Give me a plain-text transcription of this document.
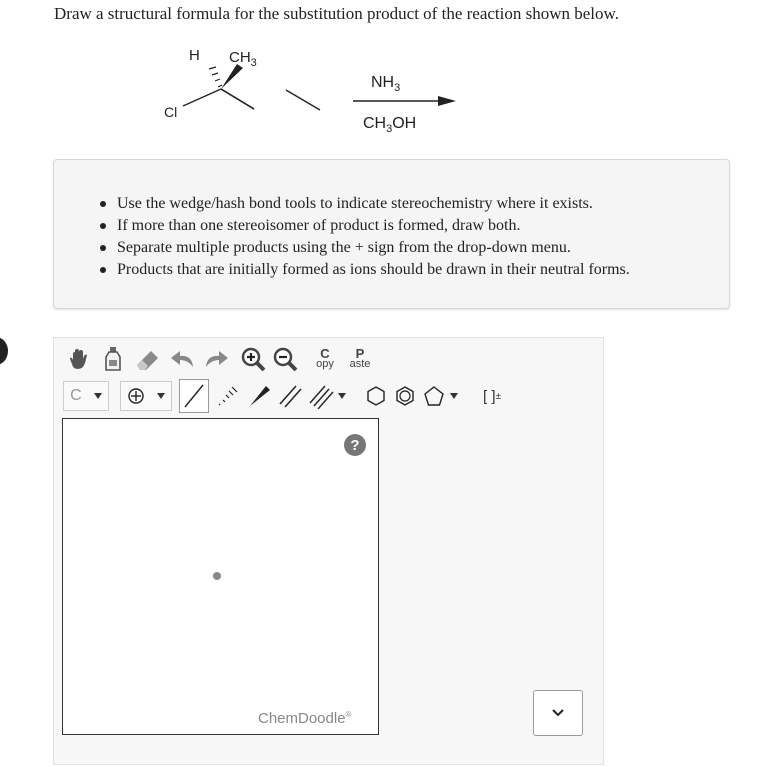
Draw a structural formula for the substitution product of the reaction shown below.
H $CH_3$
Cl
$NH_3$
$CH_3OH$
Use the wedge/hash bond tools to indicate stereochemistry where it exists.
If more than one stereoisomer of product is formed, draw both.
Separate multiple products using the + sign from the drop-down menu.
Products that are initially formed as ions should be drawn in their neutral forms.
C
opy
P
aste
C	[ ] ±
?
ChemDoodle®
